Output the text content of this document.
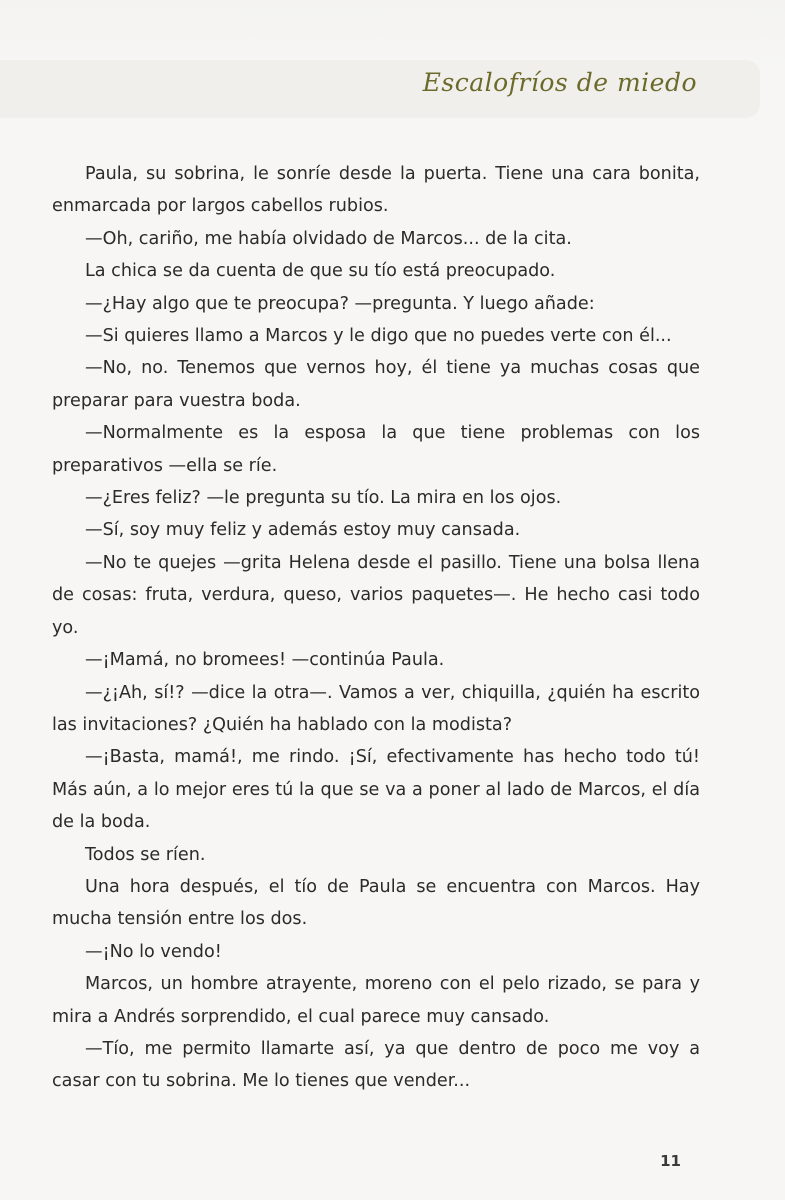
Escalofríos de miedo

Paula, su sobrina, le sonríe desde la puerta. Tiene una cara bonita, enmarcada por largos cabellos rubios.

—Oh, cariño, me había olvidado de Marcos... de la cita.

La chica se da cuenta de que su tío está preocupado.

—¿Hay algo que te preocupa? —pregunta. Y luego añade:

—Si quieres llamo a Marcos y le digo que no puedes verte con él...

—No, no. Tenemos que vernos hoy, él tiene ya muchas cosas que preparar para vuestra boda.

—Normalmente es la esposa la que tiene problemas con los preparativos —ella se ríe.

—¿Eres feliz? —le pregunta su tío. La mira en los ojos.

—Sí, soy muy feliz y además estoy muy cansada.

—No te quejes —grita Helena desde el pasillo. Tiene una bolsa llena de cosas: fruta, verdura, queso, varios paquetes—. He hecho casi todo yo.

—¡Mamá, no bromees! —continúa Paula.

—¿¡Ah, sí!? —dice la otra—. Vamos a ver, chiquilla, ¿quién ha escrito las invitaciones? ¿Quién ha hablado con la modista?

—¡Basta, mamá!, me rindo. ¡Sí, efectivamente has hecho todo tú! Más aún, a lo mejor eres tú la que se va a poner al lado de Marcos, el día de la boda.

Todos se ríen.

Una hora después, el tío de Paula se encuentra con Marcos. Hay mucha tensión entre los dos.

—¡No lo vendo!

Marcos, un hombre atrayente, moreno con el pelo rizado, se para y mira a Andrés sorprendido, el cual parece muy cansado.

—Tío, me permito llamarte así, ya que dentro de poco me voy a casar con tu sobrina. Me lo tienes que vender...

11
